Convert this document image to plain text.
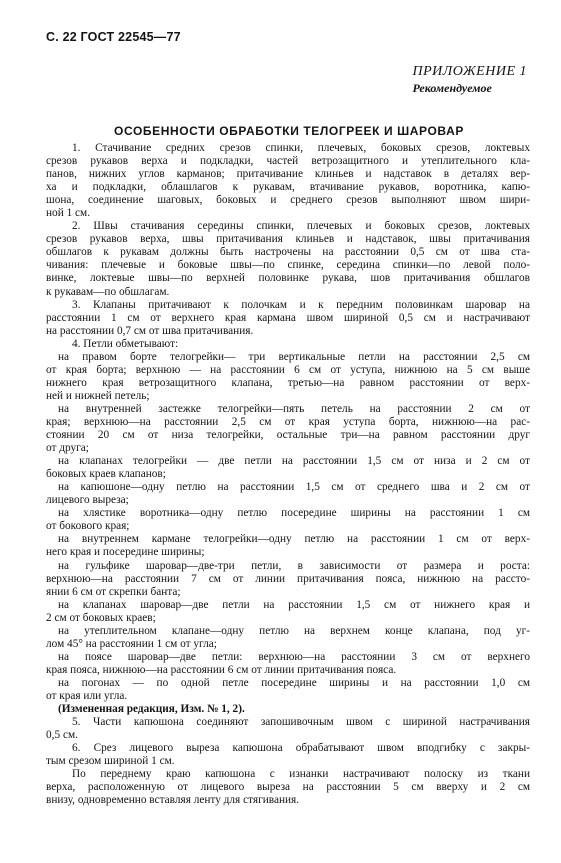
С. 22 ГОСТ 22545—77
ПРИЛОЖЕНИЕ 1
Рекомендуемое
ОСОБЕННОСТИ ОБРАБОТКИ ТЕЛОГРЕЕК И ШАРОВАР
1. Стачивание средних срезов спинки, плечевых, боковых срезов, локтевых
срезов рукавов верха и подкладки, частей ветрозащитного и утеплительного кла-
панов, нижних углов карманов; притачивание клиньев и надставок в деталях вер-
ха и подкладки, облашлагов к рукавам, втачивание рукавов, воротника, капю-
шона, соединение шаговых, боковых и среднего срезов выполняют швом шири-
ной 1 см.
2. Швы стачивания середины спинки, плечевых и боковых срезов, локтевых
срезов рукавов верха, швы притачивания клиньев и надставок, швы притачивания
обшлагов к рукавам должны быть настрочены на расстоянии 0,5 см от шва ста-
чивания: плечевые и боковые швы—по спинке, середина спинки—по левой поло-
винке, локтевые швы—по верхней половинке рукава, шов притачивания обшлагов
к рукавам—по обшлагам.
3. Клапаны притачивают к полочкам и к передним половинкам шаровар на
расстоянии 1 см от верхнего края кармана швом шириной 0,5 см и настрачивают
на расстоянии 0,7 см от шва притачивания.
4. Петли обметывают:
на правом борте телогрейки— три вертикальные петли на расстоянии 2,5 см
от края борта; верхнюю — на расстоянии 6 см от уступа, нижнюю на 5 см выше
нижнего края ветрозащитного клапана, третью—на равном расстоянии от верх-
ней и нижней петель;
на внутренней застежке телогрейки—пять петель на расстоянии 2 см от
края; верхнюю—на расстоянии 2,5 см от края уступа борта, нижнюю—на рас-
стоянии 20 см от низа телогрейки, остальные три—на равном расстоянии друг
от друга;
на клапанах телогрейки — две петли на расстоянии 1,5 см от низа и 2 см от
боковых краев клапанов;
на капюшоне—одну петлю на расстоянии 1,5 см от среднего шва и 2 см от
лицевого выреза;
на хлястике воротника—одну петлю посередине ширины на расстоянии 1 см
от бокового края;
на внутреннем кармане телогрейки—одну петлю на расстоянии 1 см от верх-
него края и посередине ширины;
на гульфике шаровар—две-три петли, в зависимости от размера и роста:
верхнюю—на расстоянии 7 см от линии притачивания пояса, нижнюю на рассто-
янии 6 см от скрепки банта;
на клапанах шаровар—две петли на расстоянии 1,5 см от нижнего края и
2 см от боковых краев;
на утеплительном клапане—одну петлю на верхнем конце клапана, под уг-
лом 45° на расстоянии 1 см от угла;
на поясе шаровар—две петли: верхнюю—на расстоянии 3 см от верхнего
края пояса, нижнюю—на расстоянии 6 см от линии притачивания пояса.
на погонах — по одной петле посередине ширины и на расстоянии 1,0 см
от края или угла.
(Измененная редакция, Изм. № 1, 2).
5. Части капюшона соединяют запошивочным швом с шириной настрачивания
0,5 см.
6. Срез лицевого выреза капюшона обрабатывают швом вподгибку с закры-
тым срезом шириной 1 см.
По переднему краю капюшона с изнанки настрачивают полоску из ткани
верха, расположенную от лицевого выреза на расстоянии 5 см вверху и 2 см
внизу, одновременно вставляя ленту для стягивания.
